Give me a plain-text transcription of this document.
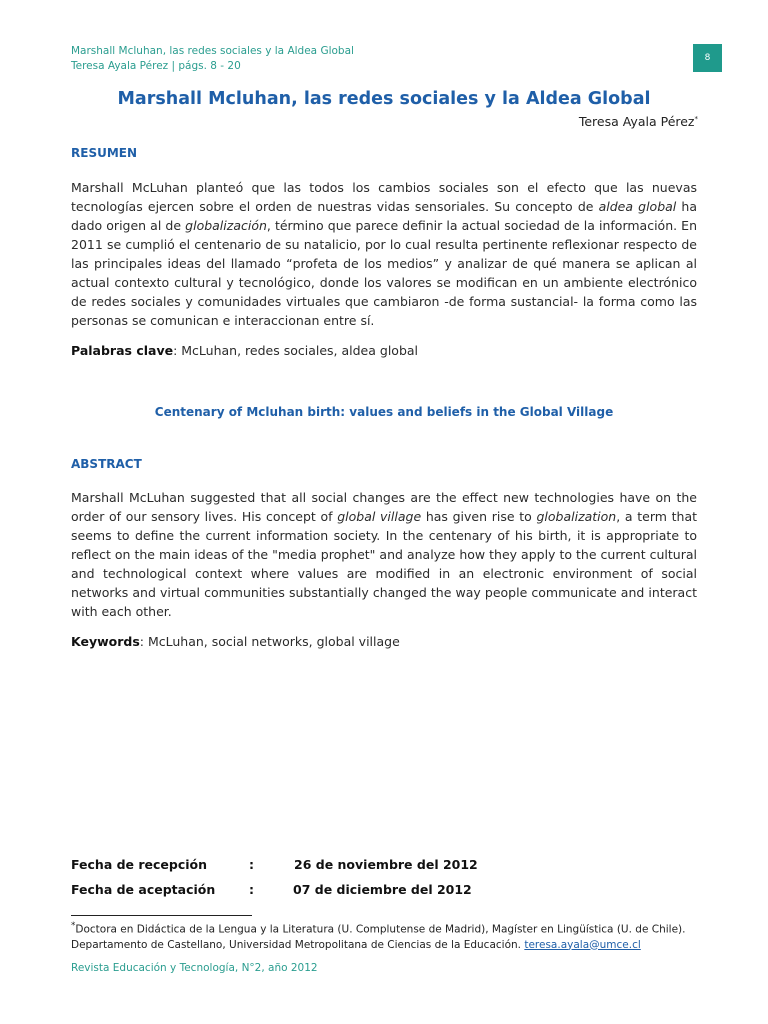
Marshall Mcluhan, las redes sociales y la Aldea Global
Teresa Ayala Pérez | págs. 8 - 20
8
Marshall Mcluhan, las redes sociales y la Aldea Global
Teresa Ayala Pérez*
RESUMEN
Marshall McLuhan planteó que las todos los cambios sociales son el efecto que las nuevas tecnologías ejercen sobre el orden de nuestras vidas sensoriales. Su concepto de aldea global ha dado origen al de globalización, término que parece definir la actual sociedad de la información. En 2011 se cumplió el centenario de su natalicio, por lo cual resulta pertinente reflexionar respecto de las principales ideas del llamado “profeta de los medios” y analizar de qué manera se aplican al actual contexto cultural y tecnológico, donde los valores se modifican en un ambiente electrónico de redes sociales y comunidades virtuales que cambiaron -de forma sustancial- la forma como las personas se comunican e interaccionan entre sí.
Palabras clave: McLuhan, redes sociales, aldea global
Centenary of Mcluhan birth: values and beliefs in the Global Village
ABSTRACT
Marshall McLuhan suggested that all social changes are the effect new technologies have on the order of our sensory lives. His concept of global village has given rise to globalization, a term that seems to define the current information society. In the centenary of his birth, it is appropriate to reflect on the main ideas of the "media prophet" and analyze how they apply to the current cultural and technological context where values are modified in an electronic environment of social networks and virtual communities substantially changed the way people communicate and interact with each other.
Keywords: McLuhan, social networks, global village
Fecha de recepción	:	26 de noviembre del 2012
Fecha de aceptación	:	07 de diciembre del 2012
*Doctora en Didáctica de la Lengua y la Literatura (U. Complutense de Madrid), Magíster en Lingüística (U. de Chile).
Departamento de Castellano, Universidad Metropolitana de Ciencias de la Educación. teresa.ayala@umce.cl
Revista Educación y Tecnología, N°2, año 2012
